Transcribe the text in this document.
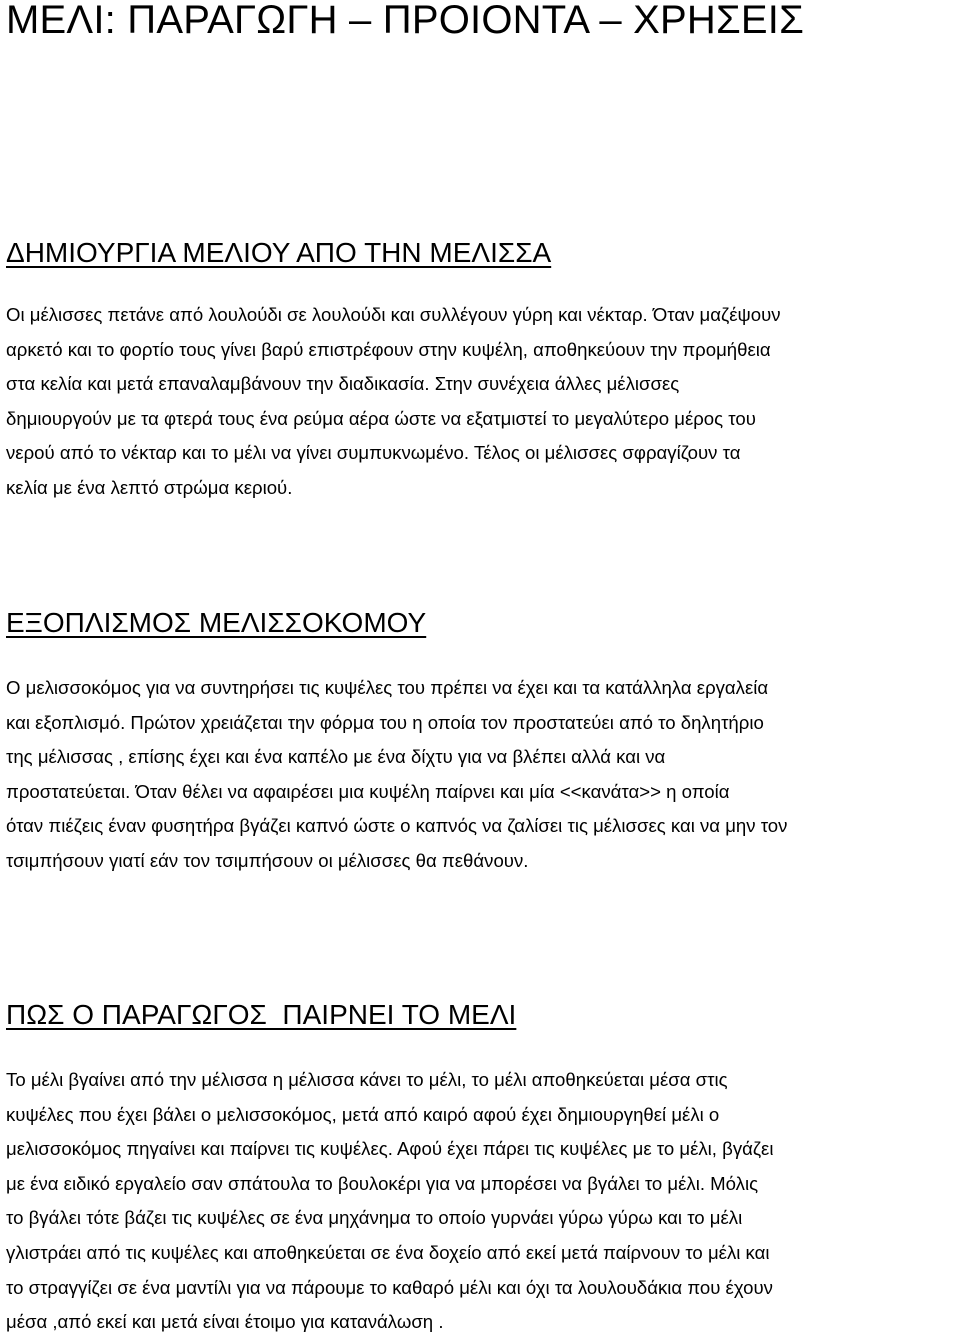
ΜΕΛΙ: ΠΑΡΑΓΩΓΗ – ΠΡΟΙΟΝΤΑ – ΧΡΗΣΕΙΣ
ΔΗΜΙΟΥΡΓΙΑ ΜΕΛΙΟΥ ΑΠΟ ΤΗΝ ΜΕΛΙΣΣΑ

Οι μέλισσες πετάνε από λουλούδι σε λουλούδι και συλλέγουν γύρη και νέκταρ. Όταν μαζέψουν
αρκετό και το φορτίο τους γίνει βαρύ επιστρέφουν στην κυψέλη, αποθηκεύουν την προμήθεια
στα κελία και μετά επαναλαμβάνουν την διαδικασία. Στην συνέχεια άλλες μέλισσες
δημιουργούν με τα φτερά τους ένα ρεύμα αέρα ώστε να εξατμιστεί το μεγαλύτερο μέρος του
νερού από το νέκταρ και το μέλι να γίνει συμπυκνωμένο. Τέλος οι μέλισσες σφραγίζουν τα
κελία με ένα λεπτό στρώμα κεριού.

ΕΞΟΠΛΙΣΜΟΣ ΜΕΛΙΣΣΟΚΟΜΟΥ

Ο μελισσοκόμος για να συντηρήσει τις κυψέλες του πρέπει να έχει και τα κατάλληλα εργαλεία
και εξοπλισμό. Πρώτον χρειάζεται την φόρμα του η οποία τον προστατεύει από το δηλητήριο
της μέλισσας , επίσης έχει και ένα καπέλο με ένα δίχτυ για να βλέπει αλλά και να
προστατεύεται. Όταν θέλει να αφαιρέσει μια κυψέλη παίρνει και μία <<κανάτα>> η οποία
όταν πιέζεις έναν φυσητήρα βγάζει καπνό ώστε ο καπνός να ζαλίσει τις μέλισσες και να μην τον
τσιμπήσουν γιατί εάν τον τσιμπήσουν οι μέλισσες θα πεθάνουν.

ΠΩΣ Ο ΠΑΡΑΓΩΓΟΣ  ΠΑΙΡΝΕΙ ΤΟ ΜΕΛΙ

Το μέλι βγαίνει από την μέλισσα η μέλισσα κάνει το μέλι, το μέλι αποθηκεύεται μέσα στις
κυψέλες που έχει βάλει ο μελισσοκόμος, μετά από καιρό αφού έχει δημιουργηθεί μέλι ο
μελισσοκόμος πηγαίνει και παίρνει τις κυψέλες. Αφού έχει πάρει τις κυψέλες με το μέλι, βγάζει
με ένα ειδικό εργαλείο σαν σπάτουλα το βουλοκέρι για να μπορέσει να βγάλει το μέλι. Μόλις
το βγάλει τότε βάζει τις κυψέλες σε ένα μηχάνημα το οποίο γυρνάει γύρω γύρω και το μέλι
γλιστράει από τις κυψέλες και αποθηκεύεται σε ένα δοχείο από εκεί μετά παίρνουν το μέλι και
το στραγγίζει σε ένα μαντίλι για να πάρουμε το καθαρό μέλι και όχι τα λουλουδάκια που έχουν
μέσα ,από εκεί και μετά είναι έτοιμο για κατανάλωση .
